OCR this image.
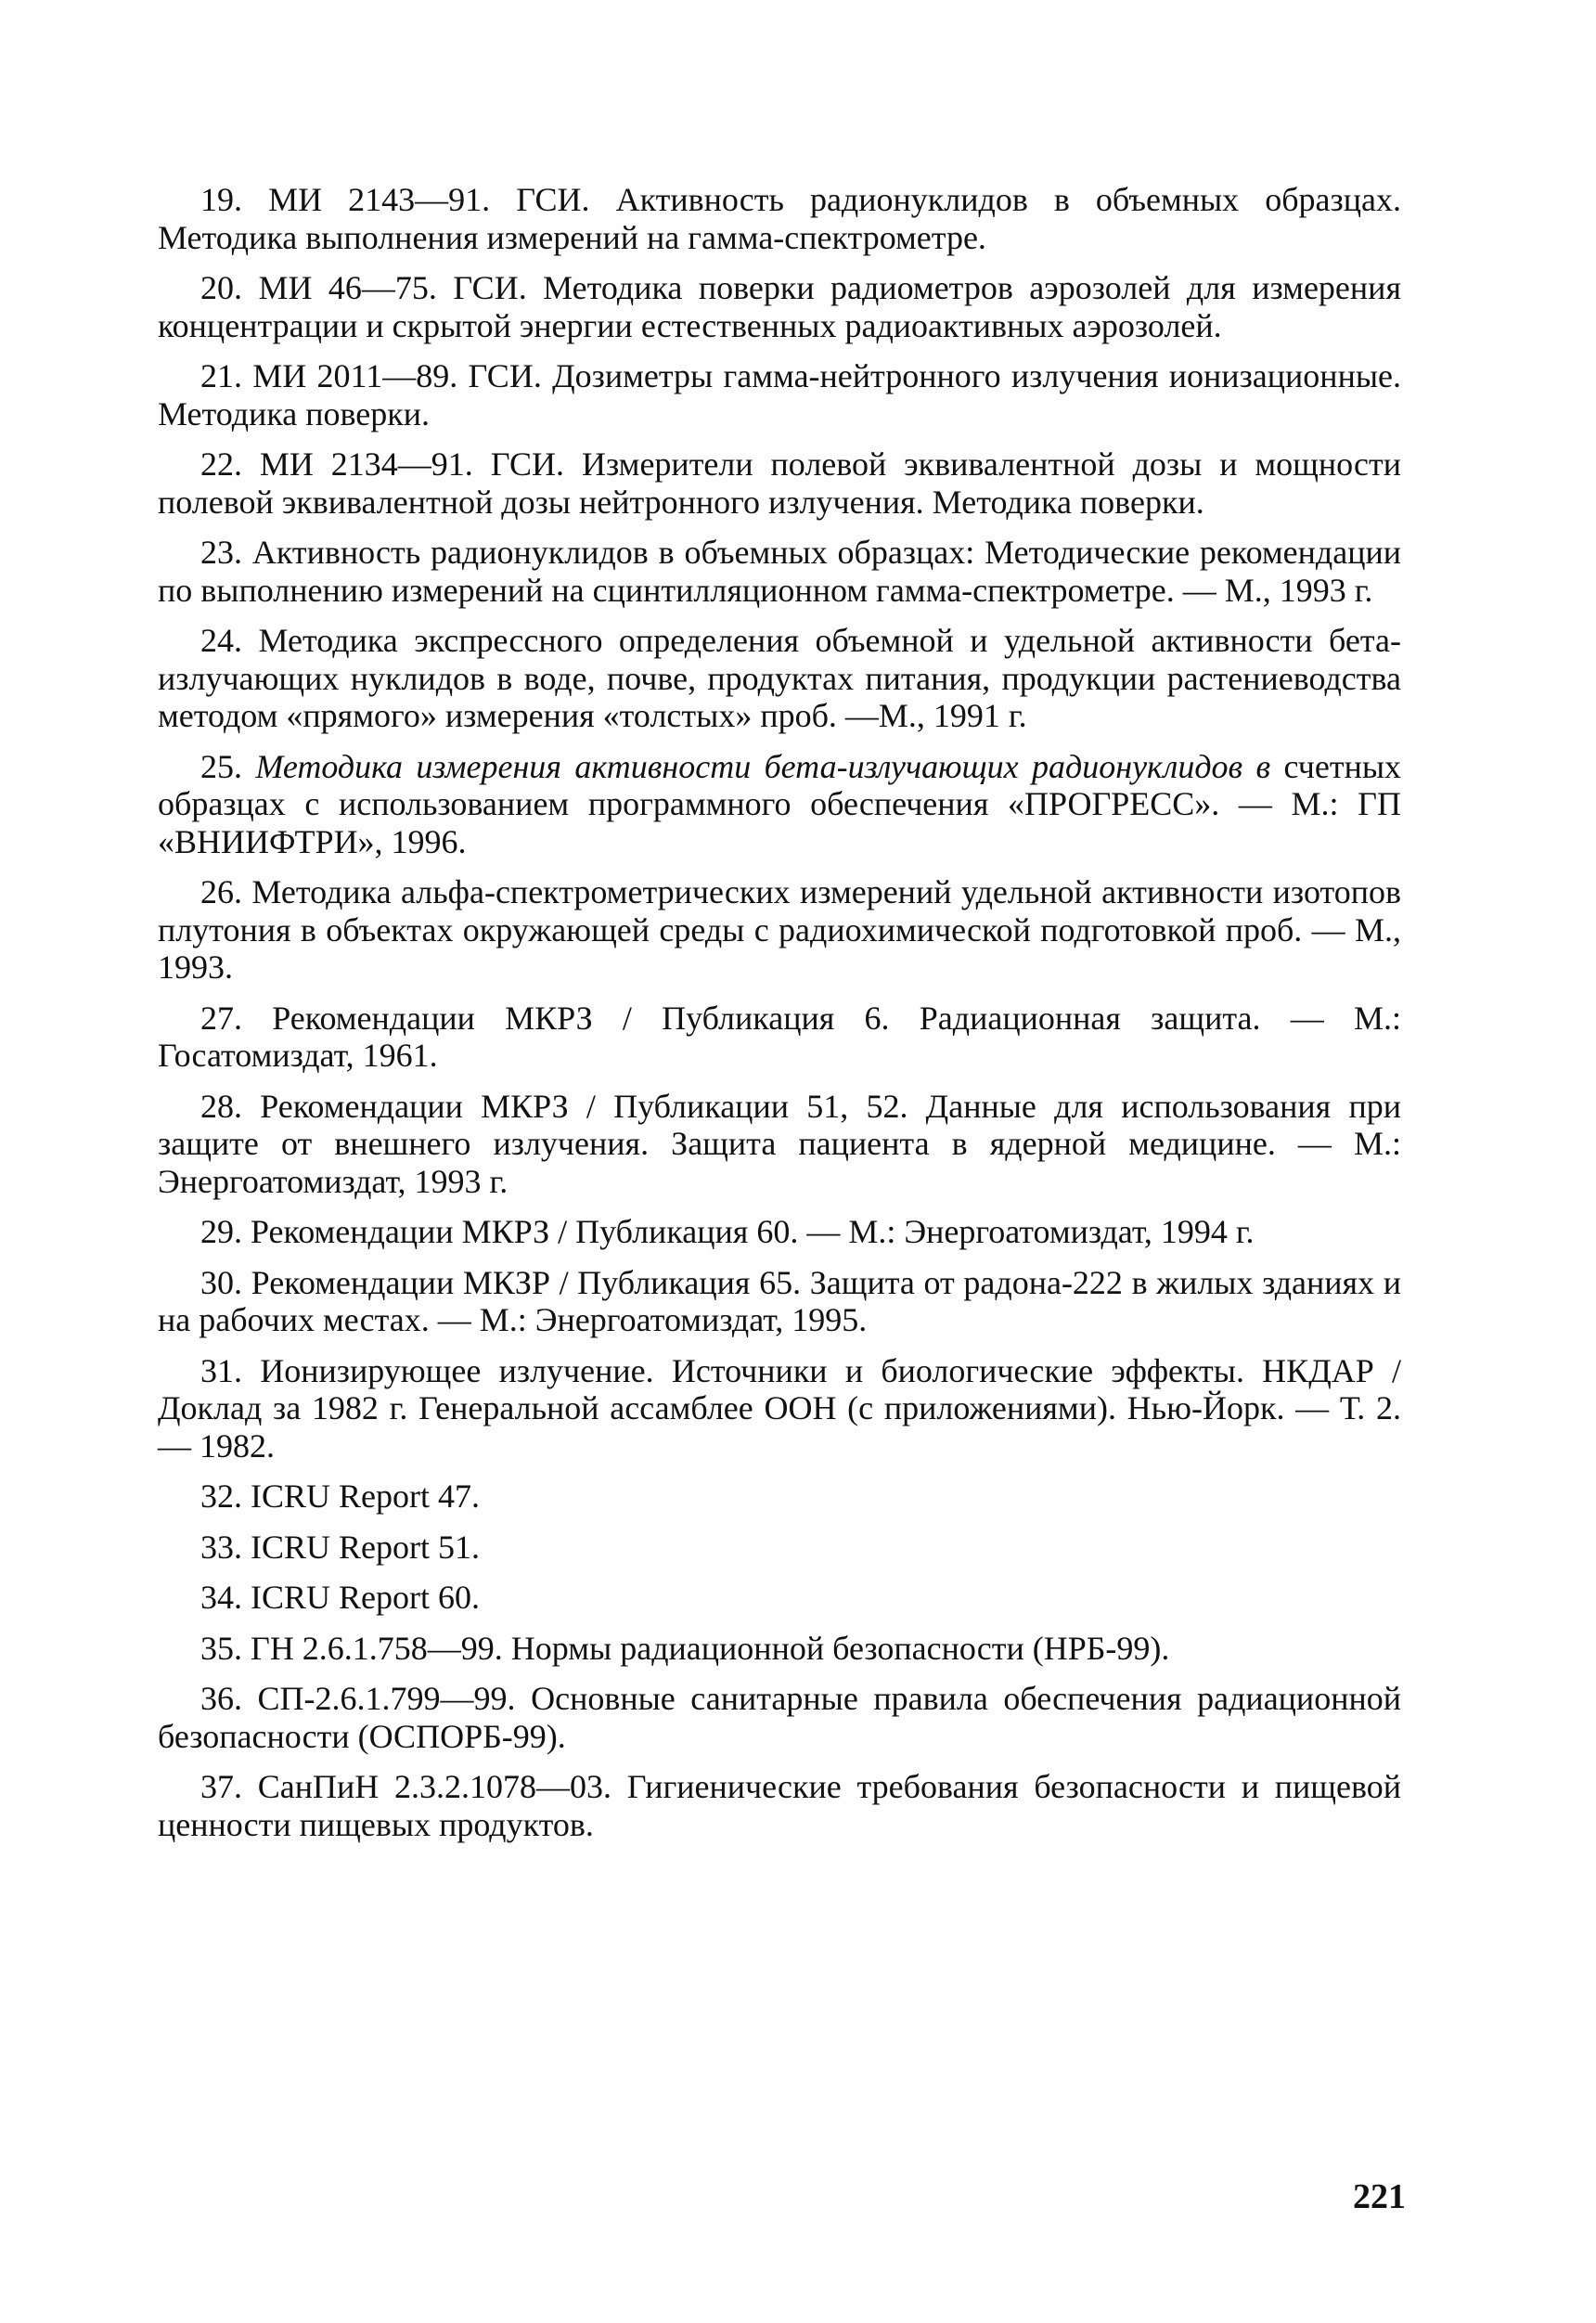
19. МИ 2143—91. ГСИ. Активность радионуклидов в объемных образцах. Методика выполнения измерений на гамма-спектрометре.

20. МИ 46—75. ГСИ. Методика поверки радиометров аэрозолей для измерения концентрации и скрытой энергии естественных радиоактивных аэрозолей.

21. МИ 2011—89. ГСИ. Дозиметры гамма-нейтронного излучения ионизационные. Методика поверки.

22. МИ 2134—91. ГСИ. Измерители полевой эквивалентной дозы и мощности полевой эквивалентной дозы нейтронного излучения. Методика поверки.

23. Активность радионуклидов в объемных образцах: Методические рекомендации по выполнению измерений на сцинтилляционном гамма-спектрометре. — М., 1993 г.

24. Методика экспрессного определения объемной и удельной активности бета-излучающих нуклидов в воде, почве, продуктах питания, продукции растениеводства методом «прямого» измерения «толстых» проб. —М., 1991 г.

25. Методика измерения активности бета-излучающих радионуклидов в счетных образцах с использованием программного обеспечения «ПРОГРЕСС». — М.: ГП «ВНИИФТРИ», 1996.

26. Методика альфа-спектрометрических измерений удельной активности изотопов плутония в объектах окружающей среды с радиохимической подготовкой проб. — М., 1993.

27. Рекомендации МКРЗ / Публикация 6. Радиационная защита. — М.: Госатомиздат, 1961.

28. Рекомендации МКРЗ / Публикации 51, 52. Данные для использования при защите от внешнего излучения. Защита пациента в ядерной медицине. — М.: Энергоатомиздат, 1993 г.

29. Рекомендации МКРЗ / Публикация 60. — М.: Энергоатомиздат, 1994 г.

30. Рекомендации МКЗР / Публикация 65. Защита от радона-222 в жилых зданиях и на рабочих местах. — М.: Энергоатомиздат, 1995.

31. Ионизирующее излучение. Источники и биологические эффекты. НКДАР / Доклад за 1982 г. Генеральной ассамблее ООН (с приложениями). Нью-Йорк. — Т. 2. — 1982.

32. ICRU Report 47.

33. ICRU Report 51.

34. ICRU Report 60.

35. ГН 2.6.1.758—99. Нормы радиационной безопасности (НРБ-99).

36. СП-2.6.1.799—99. Основные санитарные правила обеспечения радиационной безопасности (ОСПОРБ-99).

37. СанПиН 2.3.2.1078—03. Гигиенические требования безопасности и пищевой ценности пищевых продуктов.

221
